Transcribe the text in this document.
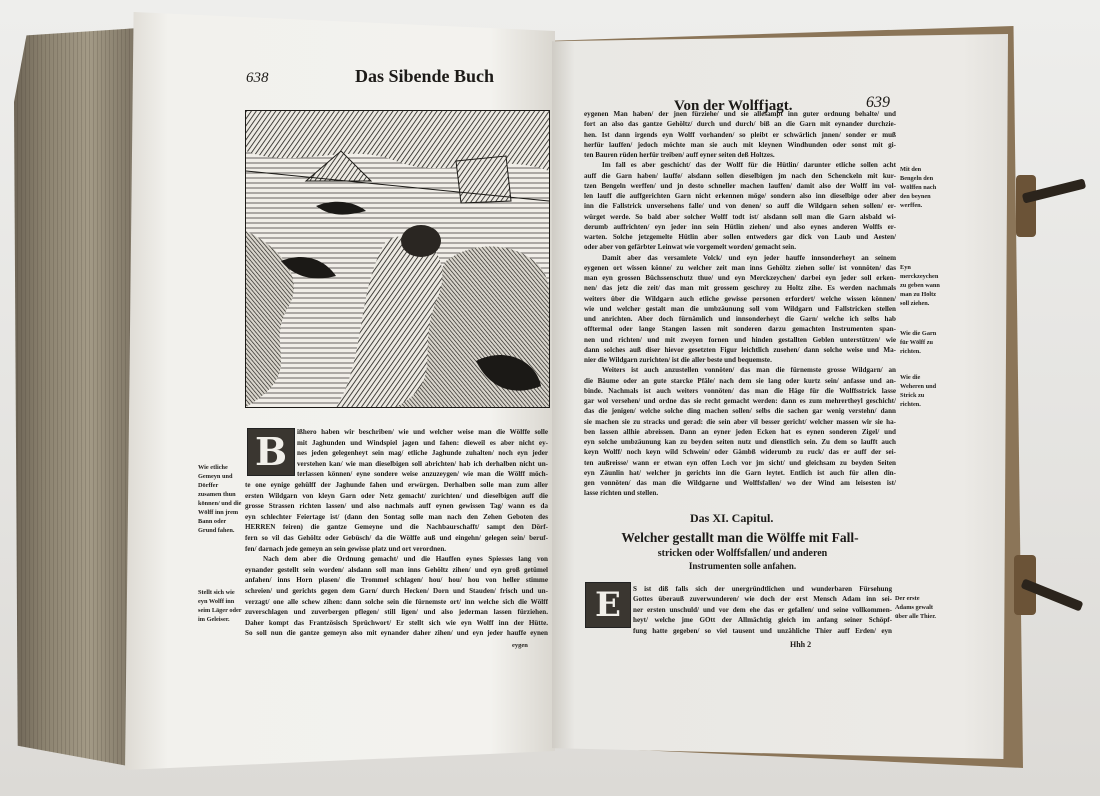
638	Das Sibende Buch
ißhero haben wir beschriben/ wie und welcher weise man die Wölffe solle
mit Jaghunden und Windspiel jagen und fahen: dieweil es aber nicht ey-
nes jeden gelegenheyt sein mag/ etliche Jaghunde zuhalten/ noch eyn jeder
verstehen kan/ wie man dieselbigen soll abrichten/ hab ich derhalben nicht un-
terlassen können/ eyne sondere weise anzuzeygen/ wie man die Wölff möch-
te one eynige gehülff der Jaghunde fahen und erwürgen. Derhalben solle man zum aller
ersten Wildgarn von kleyn Garn oder Netz gemacht/ zurichten/ und dieselbigen auff die
grosse Strassen richten lassen/ und also nachmals auff eynen gewissen Tag/ wann es da
eyn schlechter Feiertage ist/ (dann den Sontag solle man nach den Zehen Geboten des
HERREN feiren) die gantze Gemeyne und die Nachbaurschafft/ sampt den Dörf-
fern so vil das Gehöltz oder Gebüsch/ da die Wölffe auß und eingehn/ gelegen sein/ beruf-
fen/ darnach jede gemeyn an sein gewisse platz und ort verordnen.
Nach dem aber die Ordnung gemacht/ und die Hauffen eynes Spiesses lang von
eynander gestellt sein worden/ alsdann soll man inns Gehöltz zihen/ und eyn groß getümel
anfahen/ inns Horn plasen/ die Trommel schlagen/ hou/ hou/ hou von heller stimme
schreien/ und gerichts gegen dem Garn/ durch Hecken/ Dorn und Stauden/ frisch und un-
verzagt/ one alle schew zihen: dann solche sein die fürnemste ort/ inn welche sich die Wölff
zuverschlagen und zuverbergen pflegen/ still ligen/ und also jederman lassen fürziehen.
Daher kompt das Frantzösisch Sprüchwort/ Er stellt sich wie eyn Wolff inn der Hütte.
So soll nun die gantze gemeyn also mit eynander daher zihen/ und eyn jeder hauffe eynen
B
eygen
Wie etliche Gemeyn und Dörffer zusamen thun können/ und die Wölff inn jrem Bann oder Grund fahen.
Stellt sich wie eyn Wolff inn seim Läger oder im Geleiser.
Von der Wolffjagt.	639
eygenen Man haben/ der jnen fürziehe/ und sie allesampt inn guter ordnung behalte/ und
fort an also das gantze Gehöltz/ durch und durch/ biß an die Garn mit eynander durchzie-
hen. Ist dann irgends eyn Wolff vorhanden/ so pleibt er schwärlich jnnen/ sonder er muß
herfür lauffen/ jedoch möchte man sie auch mit kleynen Windhunden oder sonst mit gi-
ten Bauren rüden herfür treiben/ auff eyner seiten deß Holtzes.
Im fall es aber geschicht/ das der Wolff für die Hütlin/ darunter etliche sollen acht
auff die Garn haben/ lauffe/ alsdann sollen dieselbigen jm nach den Schenckeln mit kur-
tzen Bengeln werffen/ und jn desto schneller machen lauffen/ damit also der Wolff im vol-
len lauff die auffgerichten Garn nicht erkennen möge/ sondern also inn dieselbige oder aber
inn die Fallstrick unversehens falle/ und von denen/ so auff die Wildgarn sehen sollen/ er-
würget werde. So bald aber solcher Wolff todt ist/ alsdann soll man die Garn alsbald wi-
derumb auffrichten/ eyn jeder inn sein Hütlin ziehen/ und also eynes anderen Wolffs er-
warten. Solche jetzgemelte Hütlin aber sollen entweders gar dick von Laub und Aesten/
oder aber von gefärbter Leinwat wie vorgemelt worden/ gemacht sein.
Damit aber das versamlete Volck/ und eyn jeder hauffe innsonderheyt an seinem
eygenen ort wissen könne/ zu welcher zeit man inns Gehöltz ziehen solle/ ist vonnöten/ das
man eyn grossen Büchssenschutz thue/ und eyn Merckzeychen/ darbei eyn jeder soll erken-
nen/ das jetz die zeit/ das man mit grossem geschrey zu Holtz zihe. Es werden nachmals
weiters über die Wildgarn auch etliche gewisse personen erfordert/ welche wissen können/
wie und welcher gestalt man die umbzäunung soll vom Wildgarn und Fallstricken stellen
und anrichten. Aber doch fürnämlich und innsonderheyt die Garn/ welche ich selbs hab
offtermal oder lange Stangen lassen mit sonderen darzu gemachten Instrumenten span-
nen und richten/ und mit zweyen fornen und hinden gestallten Geblen unterstützen/ wie
dann solches auß diser hievor gesetzten Figur leichtlich zusehen/ dann solche weise und Ma-
nier die Wildgarn zurichten/ ist die aller beste und bequemste.
Weiters ist auch anzustellen vonnöten/ das man die fürnemste grosse Wildgarn/ an
die Bäume oder an gute starcke Pfäle/ nach dem sie lang oder kurtz sein/ anfasse und an-
binde. Nachmals ist auch weiters vonnöten/ das man die Häge für die Wolffsstrick lasse
gar wol versehen/ und ordne das sie recht gemacht werden: dann es zum mehrertheyl geschicht/
das die jenigen/ welche solche ding machen sollen/ selbs die sachen gar wenig verstehn/ dann
sie machen sie zu stracks und gerad: die sein aber vil besser gericht/ welcher massen wir sie ha-
ben lassen allhie abreissen. Dann an eyner jeden Ecken hat es eynen sonderen Zigel/ und
eyn solche umbzäunung kan zu beyden seiten nutz und dienstlich sein. Zu dem so laufft auch
keyn Wolff/ noch keyn wild Schwein/ oder Gämbß widerumb zu ruck/ das er auff der sei-
ten außreisse/ wann er etwan eyn offen Loch vor jm sicht/ und gleichsam zu beyden Seiten
eyn Zäunlin hat/ welcher jn gerichts inn die Garn leytet. Entlich ist auch für allen din-
gen vonnöten/ das man die Wildgarne und Wolffsfallen/ wo der Wind am leisesten ist/
lasse richten und stellen.
Das XI. Capitul.
Welcher gestallt man die Wölffe mit Fall-
stricken oder Wolffsfallen/ und anderen
Instrumenten solle anfahen.
E	S ist diß falls sich der unergründtlichen und wunderbaren Fürsehung
Gottes überauß zuverwunderen/ wie doch der erst Mensch Adam inn sei-
ner ersten unschuld/ und vor dem ehe das er gefallen/ und seine vollkommen-
heyt/ welche jme GOtt der Allmächtig gleich im anfang seiner Schöpf-
fung hatte gegeben/ so viel tausent und unzähliche Thier auff Erden/ eyn
Hhh 2
Mit den Bengeln den Wölffen nach den beynen werffen.
Eyn merckzeychen zu geben wann man zu Holtz soll ziehen.
Wie die Garn für Wölff zu richten.
Wie die Weheren und Strick zu richten.
Der erste Adams gewalt über alle Thier.
